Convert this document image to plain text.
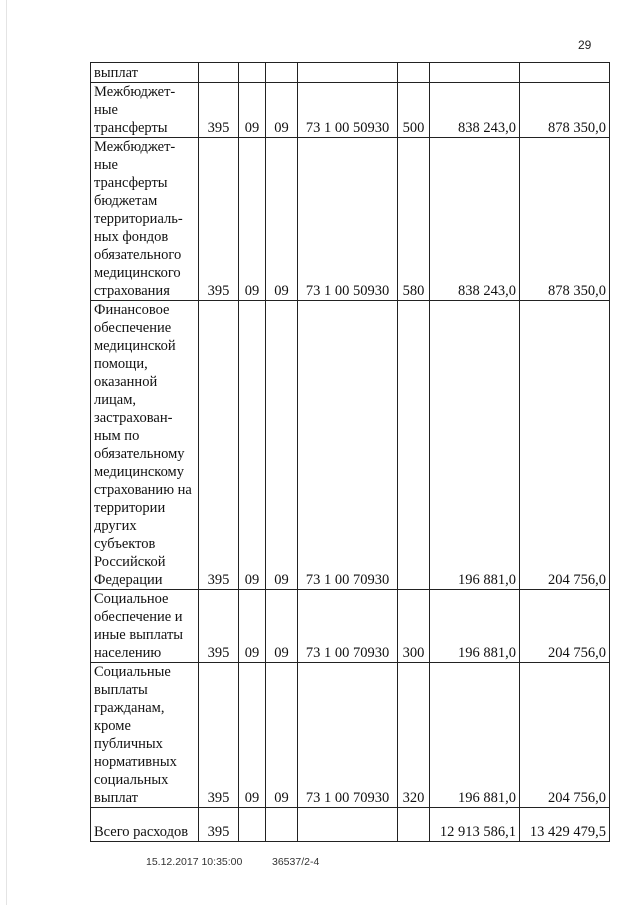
29
выплат							
Межбюджет-ные трансферты	395	09	09	73 1 00 50930	500	838 243,0	878 350,0
Межбюджет-ные трансферты бюджетам территориаль-ных фондов обязательного медицинского страхования	395	09	09	73 1 00 50930	580	838 243,0	878 350,0
Финансовое обеспечение медицинской помощи, оказанной лицам, застрахован-ным по обязательному медицинскому страхованию на территории других субъектов Российской Федерации	395	09	09	73 1 00 70930		196 881,0	204 756,0
Социальное обеспечение и иные выплаты населению	395	09	09	73 1 00 70930	300	196 881,0	204 756,0
Социальные выплаты гражданам, кроме публичных нормативных социальных выплат	395	09	09	73 1 00 70930	320	196 881,0	204 756,0
Всего расходов	395					12 913 586,1	13 429 479,5
15.12.2017 10:35:00	36537/2-4
